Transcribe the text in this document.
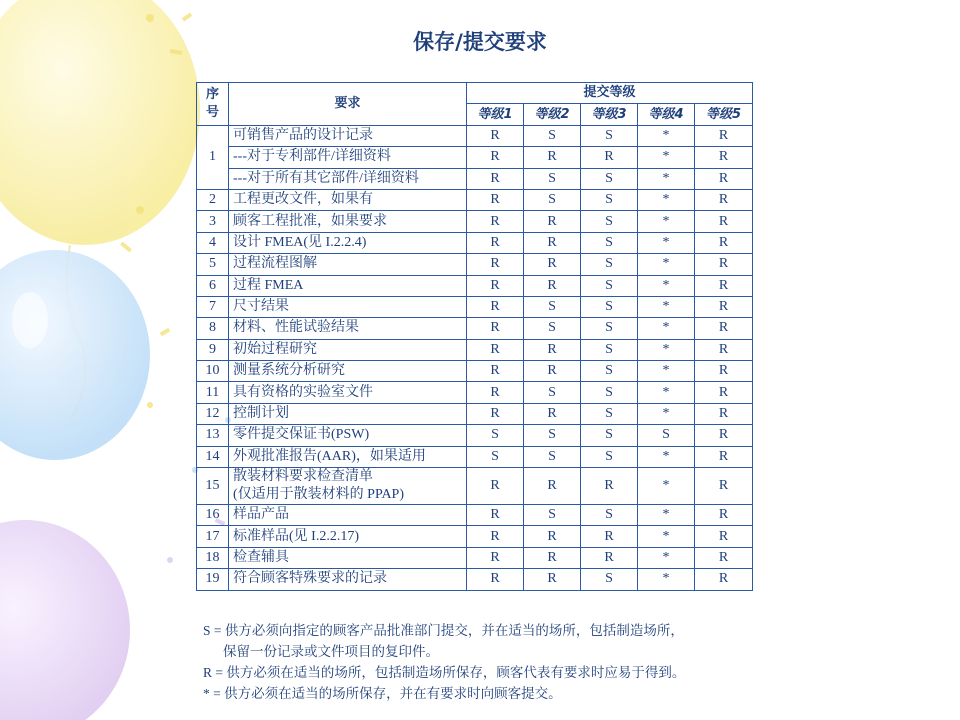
保存/提交要求
序号	要求	提交等级				
		等级1	等级2	等级3	等级4	等级5
1	可销售产品的设计记录	R	S	S	*	R
	---对于专利部件/详细资料	R	R	R	*	R
	---对于所有其它部件/详细资料	R	S	S	*	R
2	工程更改文件，如果有	R	S	S	*	R
3	顾客工程批准，如果要求	R	R	S	*	R
4	设计 FMEA(见 I.2.2.4)	R	R	S	*	R
5	过程流程图解	R	R	S	*	R
6	过程 FMEA	R	R	S	*	R
7	尺寸结果	R	S	S	*	R
8	材料、性能试验结果	R	S	S	*	R
9	初始过程研究	R	R	S	*	R
10	测量系统分析研究	R	R	S	*	R
11	具有资格的实验室文件	R	S	S	*	R
12	控制计划	R	R	S	*	R
13	零件提交保证书(PSW)	S	S	S	S	R
14	外观批准报告(AAR)，如果适用	S	S	S	*	R
15	散装材料要求检查清单
(仅适用于散装材料的 PPAP)	R	R	R	*	R
16	样品产品	R	S	S	*	R
17	标准样品(见 I.2.2.17)	R	R	R	*	R
18	检查辅具	R	R	R	*	R
19	符合顾客特殊要求的记录	R	R	S	*	R

S = 供方必须向指定的顾客产品批准部门提交，并在适当的场所，包括制造场所，

保留一份记录或文件项目的复印件。

R = 供方必须在适当的场所，包括制造场所保存，顾客代表有要求时应易于得到。

* = 供方必须在适当的场所保存，并在有要求时向顾客提交。
